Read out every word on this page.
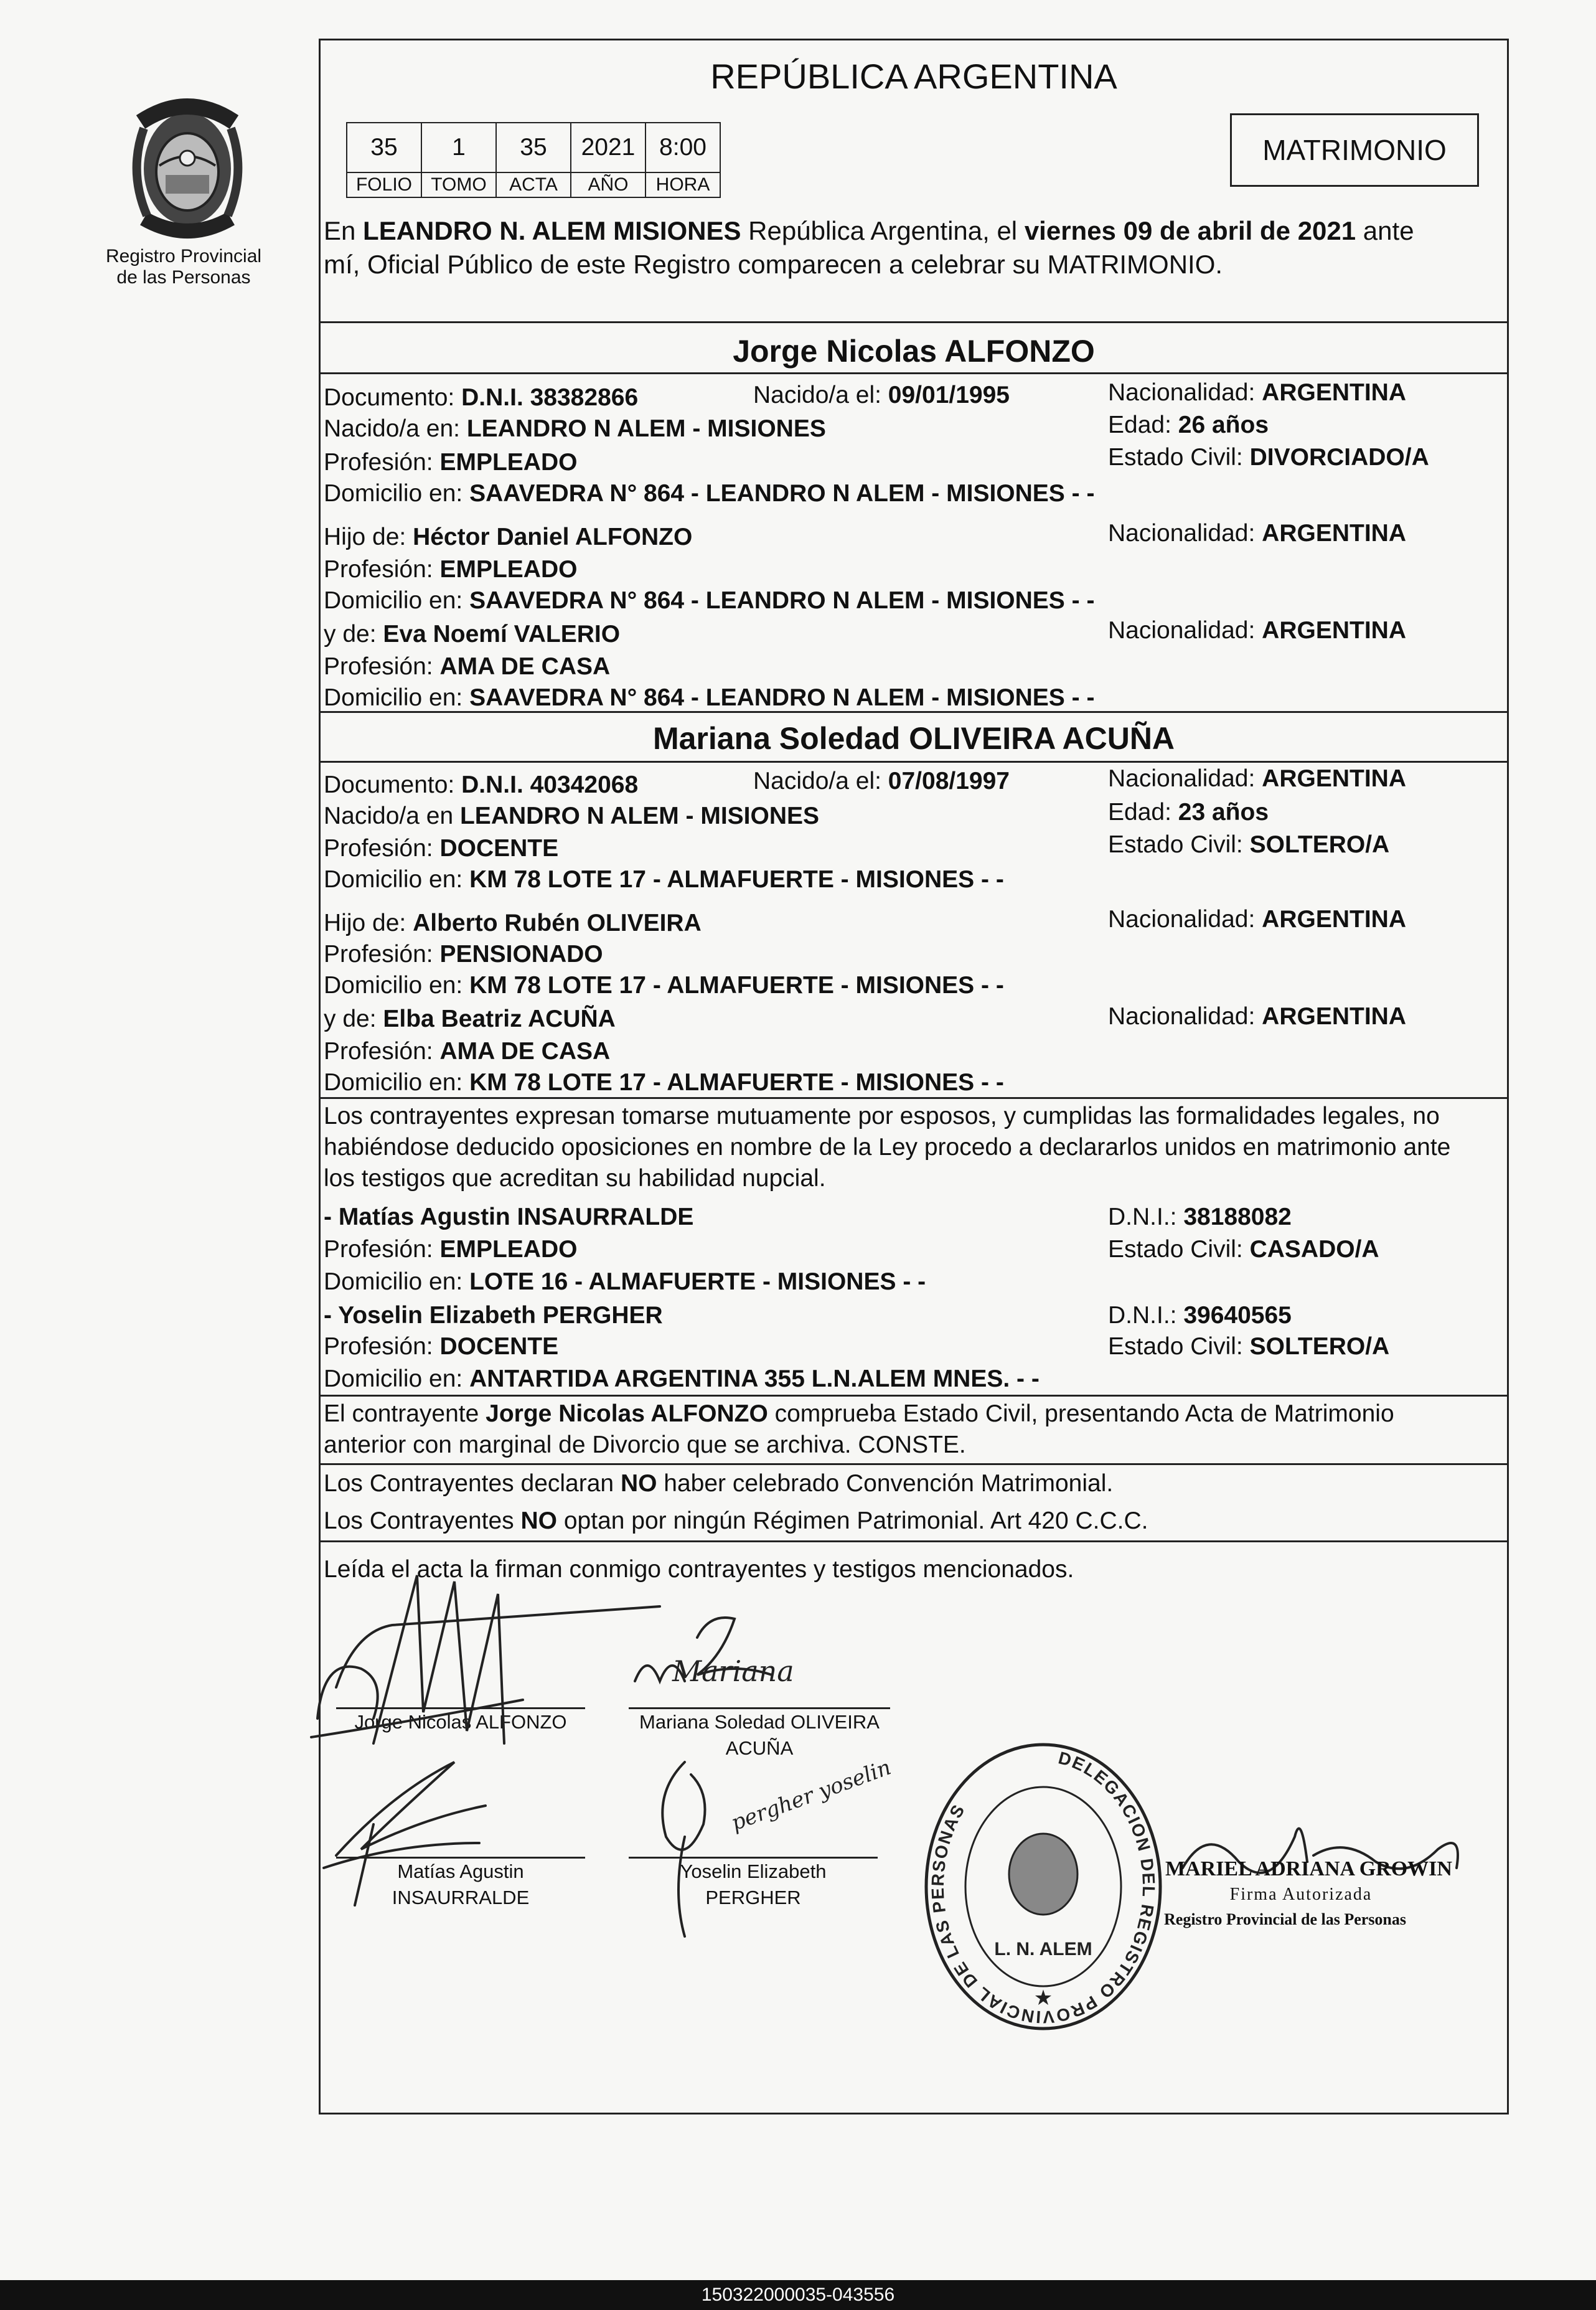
Registro Provincial
de las Personas
REPÚBLICA ARGENTINA
35	1	35	2021	8:00
FOLIO	TOMO	ACTA	AÑO	HORA
MATRIMONIO
En LEANDRO N. ALEM MISIONES República Argentina, el viernes 09 de abril de 2021 ante
mí, Oficial Público de este Registro comparecen a celebrar su MATRIMONIO.
Jorge Nicolas ALFONZO
Documento: D.N.I. 38382866	Nacido/a el: 09/01/1995	Nacionalidad: ARGENTINA
Nacido/a en: LEANDRO N ALEM - MISIONES	Edad: 26 años
Profesión: EMPLEADO	Estado Civil: DIVORCIADO/A
Domicilio en: SAAVEDRA N° 864 - LEANDRO N ALEM - MISIONES - -
Hijo de: Héctor Daniel ALFONZO	Nacionalidad: ARGENTINA
Profesión: EMPLEADO
Domicilio en: SAAVEDRA N° 864 - LEANDRO N ALEM - MISIONES - -
y de: Eva Noemí VALERIO	Nacionalidad: ARGENTINA
Profesión: AMA DE CASA
Domicilio en: SAAVEDRA N° 864 - LEANDRO N ALEM - MISIONES - -
Mariana Soledad OLIVEIRA ACUÑA
Documento: D.N.I. 40342068	Nacido/a el: 07/08/1997	Nacionalidad: ARGENTINA
Nacido/a en LEANDRO N ALEM - MISIONES	Edad: 23 años
Profesión: DOCENTE	Estado Civil: SOLTERO/A
Domicilio en: KM 78 LOTE 17 - ALMAFUERTE - MISIONES - -
Hijo de: Alberto Rubén OLIVEIRA	Nacionalidad: ARGENTINA
Profesión: PENSIONADO
Domicilio en: KM 78 LOTE 17 - ALMAFUERTE - MISIONES - -
y de: Elba Beatriz ACUÑA	Nacionalidad: ARGENTINA
Profesión: AMA DE CASA
Domicilio en: KM 78 LOTE 17 - ALMAFUERTE - MISIONES - -
Los contrayentes expresan tomarse mutuamente por esposos, y cumplidas las formalidades legales, no
habiéndose deducido oposiciones en nombre de la Ley procedo a declararlos unidos en matrimonio ante
los testigos que acreditan su habilidad nupcial.
- Matías Agustin INSAURRALDE	D.N.I.: 38188082
Profesión: EMPLEADO	Estado Civil: CASADO/A
Domicilio en: LOTE 16 - ALMAFUERTE - MISIONES - -
- Yoselin Elizabeth PERGHER	D.N.I.: 39640565
Profesión: DOCENTE	Estado Civil: SOLTERO/A
Domicilio en: ANTARTIDA ARGENTINA 355 L.N.ALEM MNES. - -
El contrayente Jorge Nicolas ALFONZO comprueba Estado Civil, presentando Acta de Matrimonio
anterior con marginal de Divorcio que se archiva. CONSTE.
Los Contrayentes declaran NO haber celebrado Convención Matrimonial.
Los Contrayentes NO optan por ningún Régimen Patrimonial. Art 420 C.C.C.
Leída el acta la firman conmigo contrayentes y testigos mencionados.
Jorge Nicolas ALFONZO	Mariana Soledad OLIVEIRA
ACUÑA
Matías Agustin
INSAURRALDE
Yoselin Elizabeth
PERGHER
Mariana
pergher yoselin	DELEGACION DEL REGISTRO PROVINCIAL DE LAS PERSONAS
L. N. ALEM
★
MARIEL ADRIANA GROWIN
Firma Autorizada
Registro Provincial de las Personas
150322000035-043556
